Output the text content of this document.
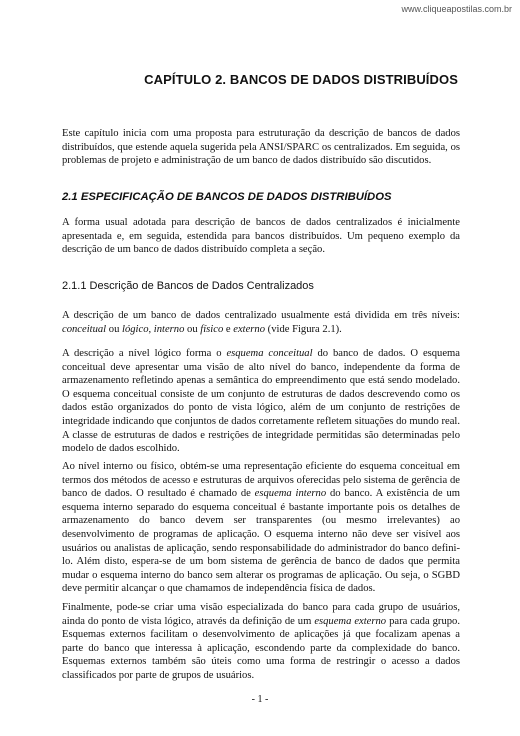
www.cliqueapostilas.com.br
CAPÍTULO 2. BANCOS DE DADOS DISTRIBUÍDOS

Este capítulo inicia com uma proposta para estruturação da descrição de bancos de dados distribuídos, que estende aquela sugerida pela ANSI/SPARC os centralizados. Em seguida, os problemas de projeto e administração de um banco de dados distribuído são discutidos.

2.1 ESPECIFICAÇÃO DE BANCOS DE DADOS DISTRIBUÍDOS

A forma usual adotada para descrição de bancos de dados centralizados é inicialmente apresentada e, em seguida, estendida para bancos distribuídos. Um pequeno exemplo da descrição de um banco de dados distribuído completa a seção.

2.1.1 Descrição de Bancos de Dados Centralizados

A descrição de um banco de dados centralizado usualmente está dividida em três níveis: conceitual ou lógico, interno ou físico e externo (vide Figura 2.1).

A descrição a nível lógico forma o esquema conceitual do banco de dados. O esquema conceitual deve apresentar uma visão de alto nível do banco, independente da forma de armazenamento refletindo apenas a semântica do empreendimento que está sendo modelado. O esquema conceitual consiste de um conjunto de estruturas de dados descrevendo como os dados estão organizados do ponto de vista lógico, além de um conjunto de restrições de integridade indicando que conjuntos de dados corretamente refletem situações do mundo real. A classe de estruturas de dados e restrições de integridade permitidas são determinadas pelo modelo de dados escolhido.

Ao nível interno ou físico, obtém-se uma representação eficiente do esquema conceitual em termos dos métodos de acesso e estruturas de arquivos oferecidas pelo sistema de gerência de banco de dados. O resultado é chamado de esquema interno do banco. A existência de um esquema interno separado do esquema conceitual é bastante importante pois os detalhes de armazenamento do banco devem ser transparentes (ou mesmo irrelevantes) ao desenvolvimento de programas de aplicação. O esquema interno não deve ser visível aos usuários ou analistas de aplicação, sendo responsabilidade do administrador do banco defini-lo. Além disto, espera-se de um bom sistema de gerência de banco de dados que permita mudar o esquema interno do banco sem alterar os programas de aplicação. Ou seja, o SGBD deve permitir alcançar o que chamamos de independência física de dados.

Finalmente, pode-se criar uma visão especializada do banco para cada grupo de usuários, ainda do ponto de vista lógico, através da definição de um esquema externo para cada grupo. Esquemas externos facilitam o desenvolvimento de aplicações já que focalizam apenas a parte do banco que interessa à aplicação, escondendo parte da complexidade do banco. Esquemas externos também são úteis como uma forma de restringir o acesso a dados classificados por parte de grupos de usuários.

- 1 -
